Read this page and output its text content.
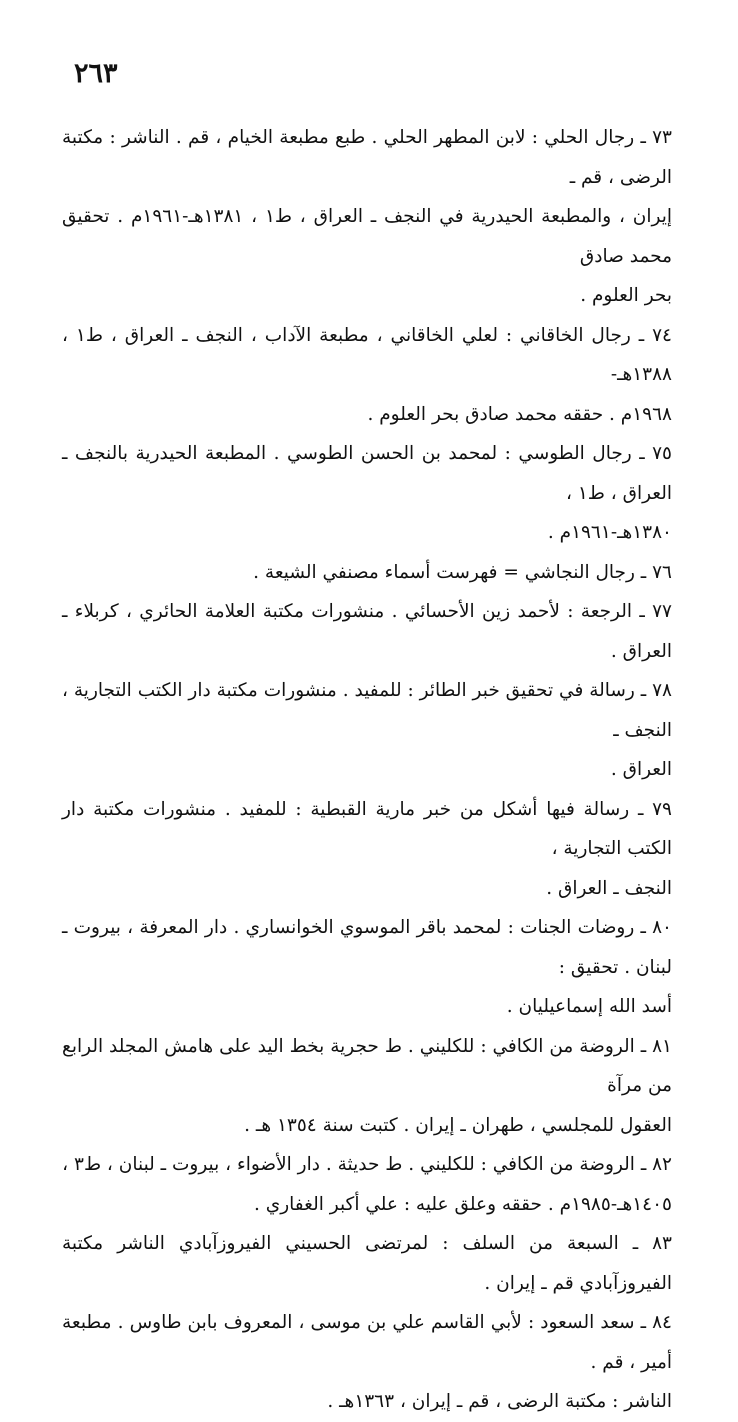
٢٦٣
٧٣ ـ رجال الحلي : لابن المطهر الحلي . طبع مطبعة الخيام ، قم . الناشر : مكتبة الرضى ، قم ـ
إيران ، والمطبعة الحيدرية في النجف ـ العراق ، ط١ ، ١٣٨١هـ-١٩٦١م . تحقيق محمد صادق
بحر العلوم .
٧٤ ـ رجال الخاقاني : لعلي الخاقاني ، مطبعة الآداب ، النجف ـ العراق ، ط١ ، ١٣٨٨هـ-
١٩٦٨م . حققه محمد صادق بحر العلوم .
٧٥ ـ رجال الطوسي : لمحمد بن الحسن الطوسي . المطبعة الحيدرية بالنجف ـ العراق ، ط١ ،
١٣٨٠هـ-١٩٦١م .
٧٦ ـ رجال النجاشي = فهرست أسماء مصنفي الشيعة .
٧٧ ـ الرجعة : لأحمد زين الأحسائي . منشورات مكتبة العلامة الحائري ، كربلاء ـ العراق .
٧٨ ـ رسالة في تحقيق خبر الطائر : للمفيد . منشورات مكتبة دار الكتب التجارية ، النجف ـ
العراق .
٧٩ ـ رسالة فيها أشكل من خبر مارية القبطية : للمفيد . منشورات مكتبة دار الكتب التجارية ،
النجف ـ العراق .
٨٠ ـ روضات الجنات : لمحمد باقر الموسوي الخوانساري . دار المعرفة ، بيروت ـ لبنان . تحقيق :
أسد الله إسماعيليان .
٨١ ـ الروضة من الكافي : للكليني . ط حجرية بخط اليد على هامش المجلد الرابع من مرآة
العقول للمجلسي ، طهران ـ إيران . كتبت سنة ١٣٥٤ هـ .
٨٢ ـ الروضة من الكافي : للكليني . ط حديثة . دار الأضواء ، بيروت ـ لبنان ، ط٣ ،
١٤٠٥هـ-١٩٨٥م . حققه وعلق عليه : علي أكبر الغفاري .
٨٣ ـ السبعة من السلف : لمرتضى الحسيني الفيروزآبادي الناشر مكتبة الفيروزآبادي قم ـ إيران .
٨٤ ـ سعد السعود : لأبي القاسم علي بن موسى ، المعروف بابن طاوس . مطبعة أمير ، قم .
الناشر : مكتبة الرضى ، قم ـ إيران ، ١٣٦٣هـ .
